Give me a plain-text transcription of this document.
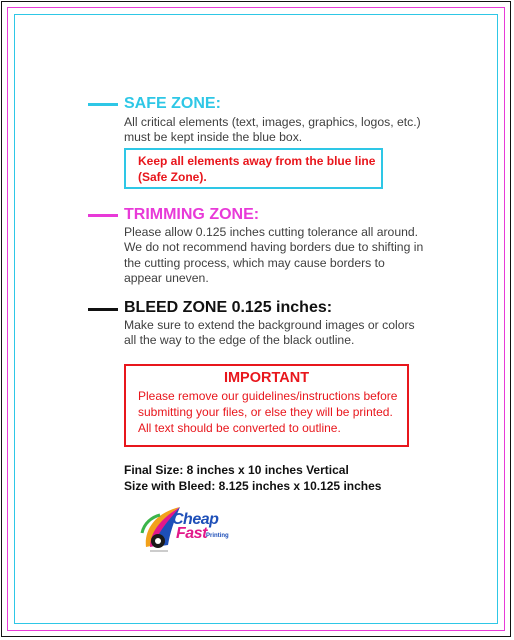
SAFE ZONE:

All critical elements (text, images, graphics, logos, etc.)
must be kept inside the blue box.
Keep all elements away from the blue line
(Safe Zone).

TRIMMING ZONE:

Please allow 0.125 inches cutting tolerance all around.
We do not recommend having borders due to shifting in
the cutting process, which may cause borders to
appear uneven.

BLEED ZONE 0.125 inches:

Make sure to extend the background images or colors
all the way to the edge of the black outline.
IMPORTANT
Please remove our guidelines/instructions before
submitting your files, or else they will be printed.
All text should be converted to outline.
Final Size: 8 inches x 10 inches Vertical
Size with Bleed: 8.125 inches x 10.125 inches

Cheap

Fast Printing
